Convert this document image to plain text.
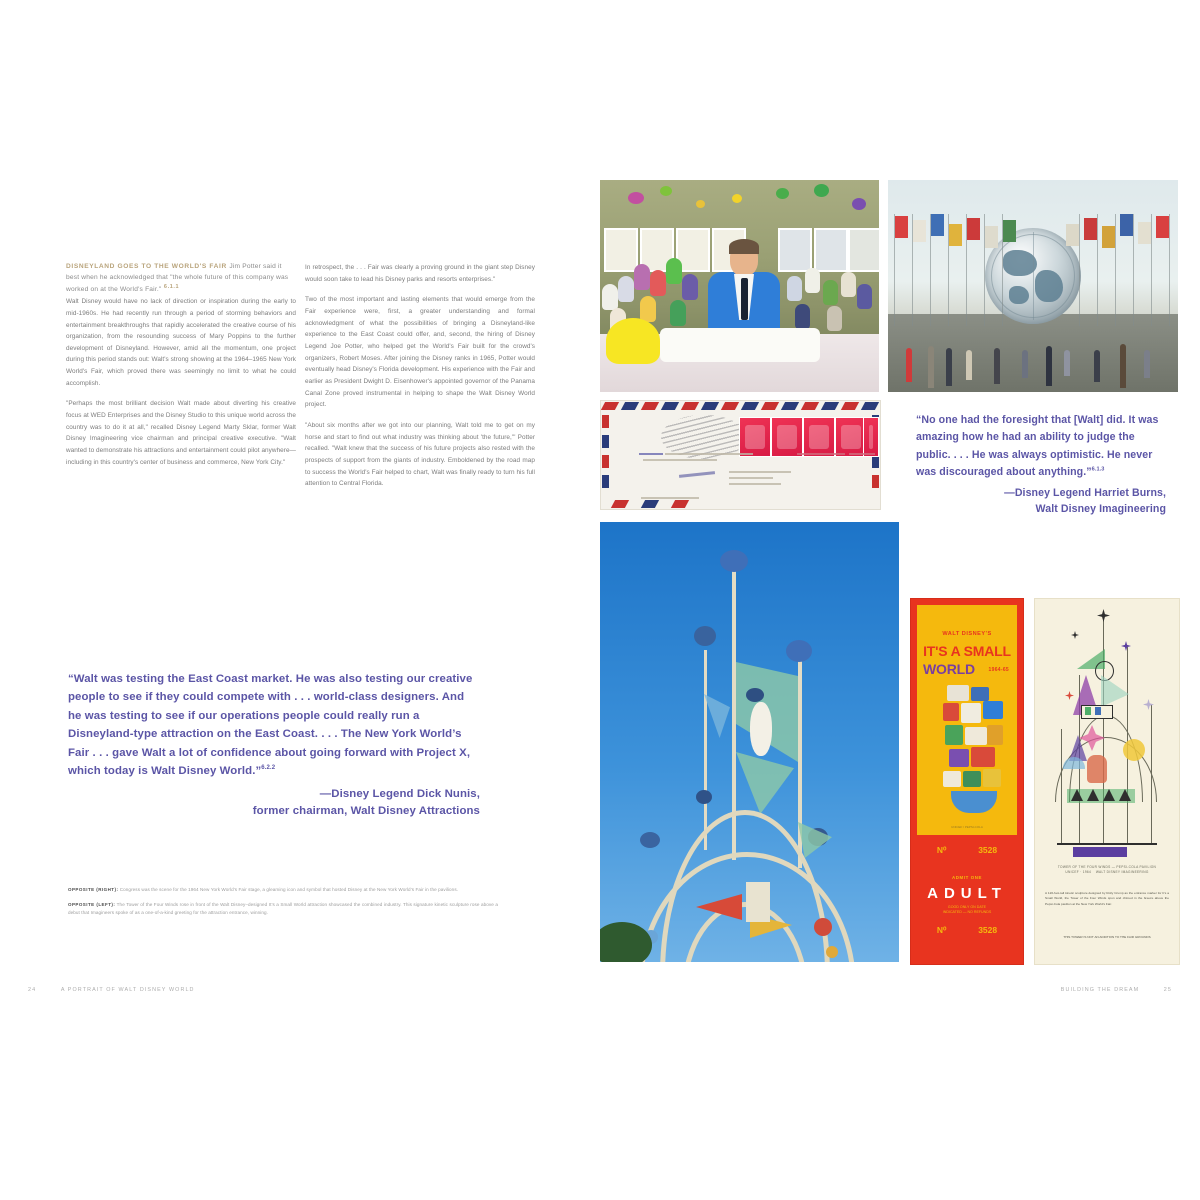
DISNEYLAND GOES TO THE WORLD'S FAIR Jim Potter said it best when he acknowledged that "the whole future of this company was worked on at the World's Fair." $^{6.1.1}$

Walt Disney would have no lack of direction or inspiration during the early to mid-1960s. He had recently run through a period of storming behaviors and entertainment breakthroughs that rapidly accelerated the creative course of his organization, from the resounding success of Mary Poppins to the further development of Disneyland. However, amid all the momentum, one project during this period stands out: Walt's strong showing at the 1964–1965 New York World's Fair, which proved there was seemingly no limit to what he could accomplish.

"Perhaps the most brilliant decision Walt made about diverting his creative focus at WED Enterprises and the Disney Studio to this unique world across the country was to do it at all," recalled Disney Legend Marty Sklar, former Walt Disney Imagineering vice chairman and principal creative executive. "Walt wanted to demonstrate his attractions and entertainment could pilot anywhere—including in this country's center of business and commerce, New York City."

In retrospect, the . . . Fair was clearly a proving ground in the giant step Disney would soon take to lead his Disney parks and resorts enterprises."

Two of the most important and lasting elements that would emerge from the Fair experience were, first, a greater understanding and formal acknowledgment of what the possibilities of bringing a Disneyland-like experience to the East Coast could offer, and, second, the hiring of Disney Legend Joe Potter, who helped get the World's Fair built for the crowd's organizers, Robert Moses. After joining the Disney ranks in 1965, Potter would eventually head Disney's Florida development. His experience with the Fair and earlier as President Dwight D. Eisenhower's appointed governor of the Panama Canal Zone proved instrumental in helping to shape the Walt Disney World project.

"About six months after we got into our planning, Walt told me to get on my horse and start to find out what industry was thinking about 'the future,'" Potter recalled. "Walt knew that the success of his future projects also rested with the prospects of support from the giants of industry. Emboldened by the road map to success the World's Fair helped to chart, Walt was finally ready to turn his full attention to Central Florida.

“Walt was testing the East Coast market. He was also testing our creative people to see if they could compete with . . . world-class designers. And he was testing to see if our operations people could really run a Disneyland-type attraction on the East Coast. . . . The New York World’s Fair . . . gave Walt a lot of confidence about going forward with Project X, which today is Walt Disney World.”$^{6.2.2}$
—Disney Legend Dick Nunis,
former chairman, Walt Disney Attractions
OPPOSITE (RIGHT): Congress was the scene for the 1964 New York World’s Fair stage, a gleaming icon and symbol that hosted Disney at the New York World’s Fair in the pavilions.
OPPOSITE (LEFT): The Tower of the Four Winds rose in front of the Walt Disney–designed It’s a Small World attraction showcased the combined industry. This signature kinetic sculpture rose above a debut that Imagineers spoke of as a one-of-a-kind greeting for the attraction entrance, winning.
24	A PORTRAIT OF WALT DISNEY WORLD
“No one had the foresight that [Walt] did. It was amazing how he had an ability to judge the public. . . . He was always optimistic. He never was discouraged about anything.”$^{6.1.3}$
—Disney Legend Harriet Burns,
Walt Disney Imagineering
WALT DISNEY'S
IT'S A SMALL
WORLD	1964-65
UNICEF / PEPSI-COLA
N⁰	3528
ADMIT ONE
ADULT
GOOD ONLY ON DATE
INDICATED — NO REFUNDS
N⁰	3528
TOWER OF THE FOUR WINDS — PEPSI-COLA PAVILION
UNICEF · 1964 WALT DISNEY IMAGINEERING
A 120-foot-tall kinetic sculpture designed by Rolly Crump as the entrance marker for It's a Small World, the Tower of the Four Winds spun and chimed in the breeze above the Pepsi-Cola pavilion at the New York World's Fair.
THIS TOWER IS NOT AN ADDITION TO THE FAIR GROUNDS
BUILDING THE DREAM	25
